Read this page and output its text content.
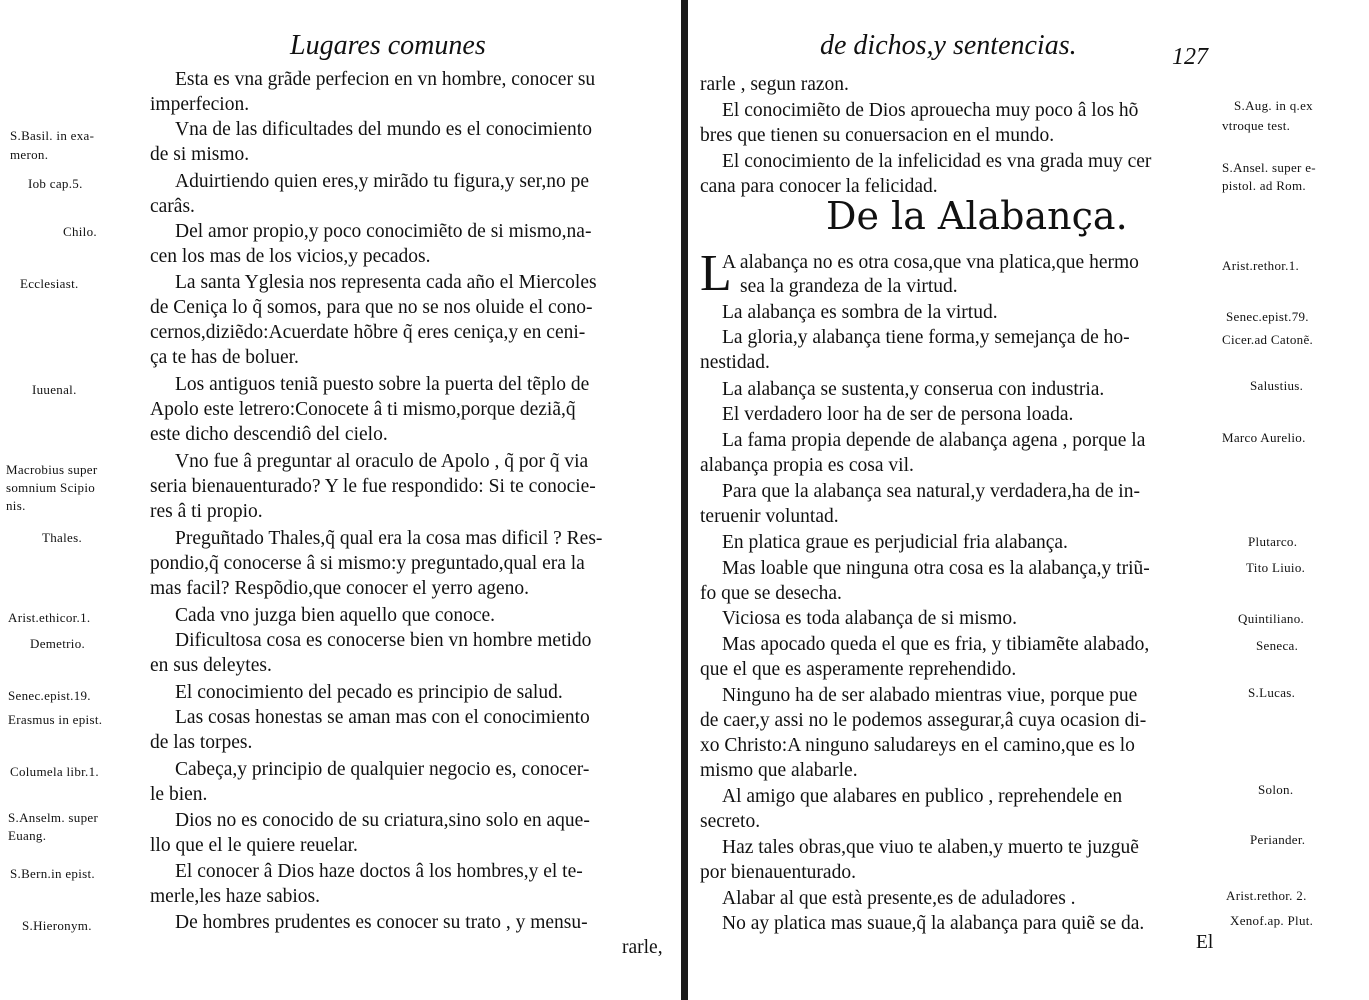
Lugares comunes
Esta es vna grãde perfecion en vn hombre, conocer su
imperfecion.
Vna de las dificultades del mundo es el conocimiento
de si mismo.
Aduirtiendo quien eres,y mirãdo tu figura,y ser,no pe
carâs.
Del amor propio,y poco conocimiẽto de si mismo,na-
cen los mas de los vicios,y pecados.
La santa Yglesia nos representa cada año el Miercoles
de Ceniça lo q̃ somos, para que no se nos oluide el cono-
cernos,diziẽdo:Acuerdate hõbre q̃ eres ceniça,y en ceni-
ça te has de boluer.
Los antiguos teniã puesto sobre la puerta del tẽplo de
Apolo este letrero:Conocete â ti mismo,porque deziã,q̃
este dicho descendiô del cielo.
Vno fue â preguntar al oraculo de Apolo , q̃ por q̃ via
seria bienauenturado? Y le fue respondido: Si te conocie-
res â ti propio.
Preguñtado Thales,q̃ qual era la cosa mas dificil ? Res-
pondio,q̃ conocerse â si mismo:y preguntado,qual era la
mas facil? Respõdio,que conocer el yerro ageno.
Cada vno juzga bien aquello que conoce.
Dificultosa cosa es conocerse bien vn hombre metido
en sus deleytes.
El conocimiento del pecado es principio de salud.
Las cosas honestas se aman mas con el conocimiento
de las torpes.
Cabeça,y principio de qualquier negocio es, conocer-
le bien.
Dios no es conocido de su criatura,sino solo en aque-
llo que el le quiere reuelar.
El conocer â Dios haze doctos â los hombres,y el te-
merle,les haze sabios.
De hombres prudentes es conocer su trato , y mensu-
rarle,
S.Basil. in exa-
meron.
Iob cap.5.
Chilo.
Ecclesiast.
Iuuenal.
Macrobius super
somnium Scipio
nis.
Thales.
Arist.ethicor.1.
Demetrio.
Senec.epist.19.
Erasmus in epist.
Columela libr.1.
S.Anselm. super
Euang.
S.Bern.in epist.
S.Hieronym.
de dichos,y sentencias.	127
rarle , segun razon.
El conocimiẽto de Dios aprouecha muy poco â los hõ
bres que tienen su conuersacion en el mundo.
El conocimiento de la infelicidad es vna grada muy cer
cana para conocer la felicidad.
De la Alabança.
L
A alabança no es otra cosa,que vna platica,que hermo
sea la grandeza de la virtud.
La alabança es sombra de la virtud.
La gloria,y alabança tiene forma,y semejança de ho-
nestidad.
La alabança se sustenta,y conserua con industria.
El verdadero loor ha de ser de persona loada.
La fama propia depende de alabança agena , porque la
alabança propia es cosa vil.
Para que la alabança sea natural,y verdadera,ha de in-
teruenir voluntad.
En platica graue es perjudicial fria alabança.
Mas loable que ninguna otra cosa es la alabança,y triũ-
fo que se desecha.
Viciosa es toda alabança de si mismo.
Mas apocado queda el que es fria, y tibiamẽte alabado,
que el que es asperamente reprehendido.
Ninguno ha de ser alabado mientras viue, porque pue
de caer,y assi no le podemos assegurar,â cuya ocasion di-
xo Christo:A ninguno saludareys en el camino,que es lo
mismo que alabarle.
Al amigo que alabares en publico , reprehendele en
secreto.
Haz tales obras,que viuo te alaben,y muerto te juzguẽ
por bienauenturado.
Alabar al que està presente,es de aduladores .
No ay platica mas suaue,q̃ la alabança para quiẽ se da.
El
S.Aug. in q.ex
vtroque test.
S.Ansel. super e-
pistol. ad Rom.
Arist.rethor.1.
Senec.epist.79.
Cicer.ad Catonẽ.
Salustius.
Marco Aurelio.
Plutarco.
Tito Liuio.
Quintiliano.
Seneca.
S.Lucas.
Solon.
Periander.
Arist.rethor. 2.
Xenof.ap. Plut.
